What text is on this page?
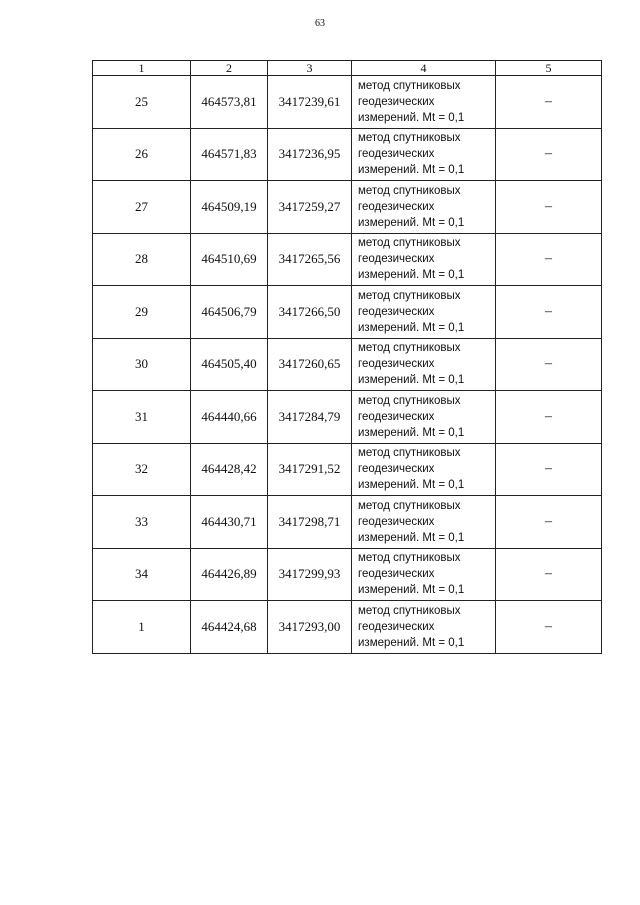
63
1	2	3	4	5
25	464573,81	3417239,61	метод спутниковых
геодезических
измерений. Mt = 0,1	–
26	464571,83	3417236,95	метод спутниковых
геодезических
измерений. Mt = 0,1	–
27	464509,19	3417259,27	метод спутниковых
геодезических
измерений. Mt = 0,1	–
28	464510,69	3417265,56	метод спутниковых
геодезических
измерений. Mt = 0,1	–
29	464506,79	3417266,50	метод спутниковых
геодезических
измерений. Mt = 0,1	–
30	464505,40	3417260,65	метод спутниковых
геодезических
измерений. Mt = 0,1	–
31	464440,66	3417284,79	метод спутниковых
геодезических
измерений. Mt = 0,1	–
32	464428,42	3417291,52	метод спутниковых
геодезических
измерений. Mt = 0,1	–
33	464430,71	3417298,71	метод спутниковых
геодезических
измерений. Mt = 0,1	–
34	464426,89	3417299,93	метод спутниковых
геодезических
измерений. Mt = 0,1	–
1	464424,68	3417293,00	метод спутниковых
геодезических
измерений. Mt = 0,1	–
